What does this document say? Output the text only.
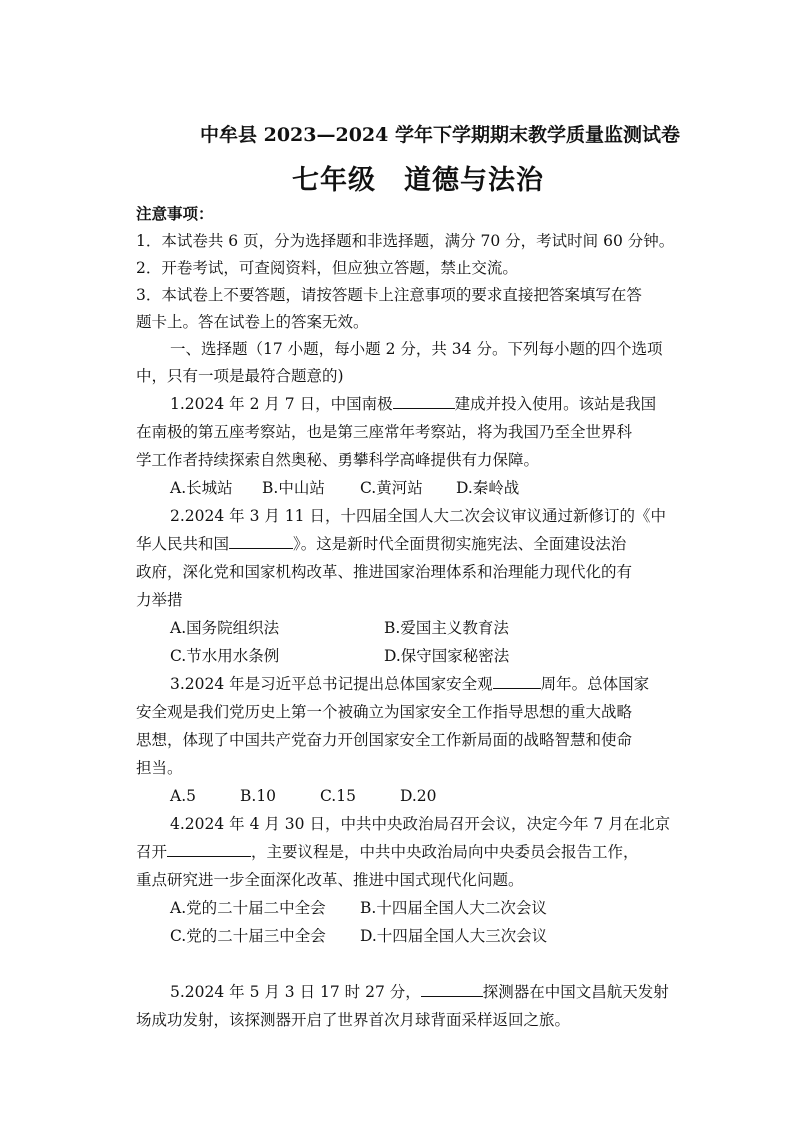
中牟县 2023—2024 学年下学期期末教学质量监测试卷
七年级　道德与法治
注意事项：
1．本试卷共 6 页，分为选择题和非选择题，满分 70 分，考试时间 60 分钟。
2．开卷考试，可查阅资料，但应独立答题，禁止交流。
3．本试卷上不要答题，请按答题卡上注意事项的要求直接把答案填写在答
题卡上。答在试卷上的答案无效。
一、选择题（17 小题，每小题 2 分，共 34 分。下列每小题的四个选项
中，只有一项是最符合题意的)
1.2024 年 2 月 7 日，中国南极	建成并投入使用。该站是我国
在南极的第五座考察站，也是第三座常年考察站，将为我国乃至全世界科
学工作者持续探索自然奥秘、勇攀科学高峰提供有力保障。
A.长城站 B.中山站 C.黄河站 D.秦岭战
2.2024 年 3 月 11 日，十四届全国人大二次会议审议通过新修订的《中
华人民共和国	》。这是新时代全面贯彻实施宪法、全面建设法治
政府，深化党和国家机构改革、推进国家治理体系和治理能力现代化的有
力举措
A.国务院组织法	B.爱国主义教育法
C.节水用水条例	D.保守国家秘密法
3.2024 年是习近平总书记提出总体国家安全观	周年。总体国家
安全观是我们党历史上第一个被确立为国家安全工作指导思想的重大战略
思想，体现了中国共产党奋力开创国家安全工作新局面的战略智慧和使命
担当。
A.5	B.10	C.15	D.20
4.2024 年 4 月 30 日，中共中央政治局召开会议，决定今年 7 月在北京
召开	，主要议程是，中共中央政治局向中央委员会报告工作，
重点研究进一步全面深化改革、推进中国式现代化问题。
A.党的二十届二中全会 B.十四届全国人大二次会议
C.党的二十届三中全会 D.十四届全国人大三次会议
5.2024 年 5 月 3 日 17 时 27 分，	探测器在中国文昌航天发射
场成功发射，该探测器开启了世界首次月球背面采样返回之旅。
